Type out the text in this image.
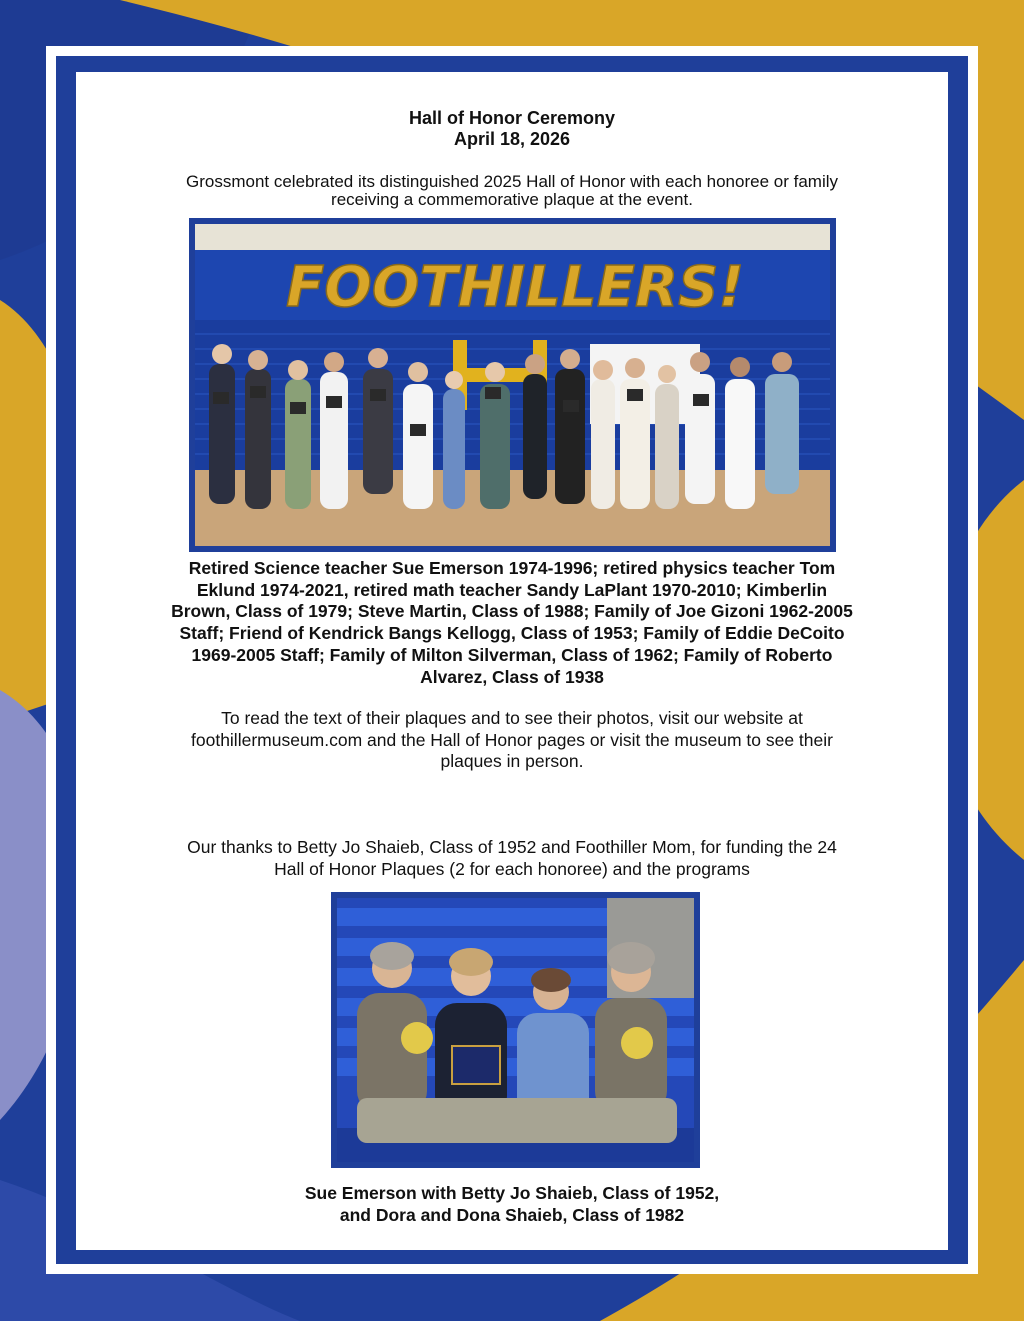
Hall of Honor Ceremony
April 18, 2026
Grossmont celebrated its distinguished 2025 Hall of Honor with each honoree or family
receiving a commemorative plaque at the event.
FOOTHILLERS!
Retired Science teacher Sue Emerson 1974-1996; retired physics teacher Tom
Eklund 1974-2021, retired math teacher Sandy LaPlant 1970-2010; Kimberlin
Brown, Class of 1979; Steve Martin, Class of 1988; Family of Joe Gizoni 1962-2005
Staff; Friend of Kendrick Bangs Kellogg, Class of 1953; Family of Eddie DeCoito
1969-2005 Staff; Family of Milton Silverman, Class of 1962; Family of Roberto
Alvarez, Class of 1938
To read the text of their plaques and to see their photos, visit our website at
foothillermuseum.com and the Hall of Honor pages or visit the museum to see their
plaques in person.
Our thanks to Betty Jo Shaieb, Class of 1952 and Foothiller Mom, for funding the 24
Hall of Honor Plaques (2 for each honoree) and the programs
Sue Emerson with Betty Jo Shaieb, Class of 1952,
and Dora and Dona Shaieb, Class of 1982
